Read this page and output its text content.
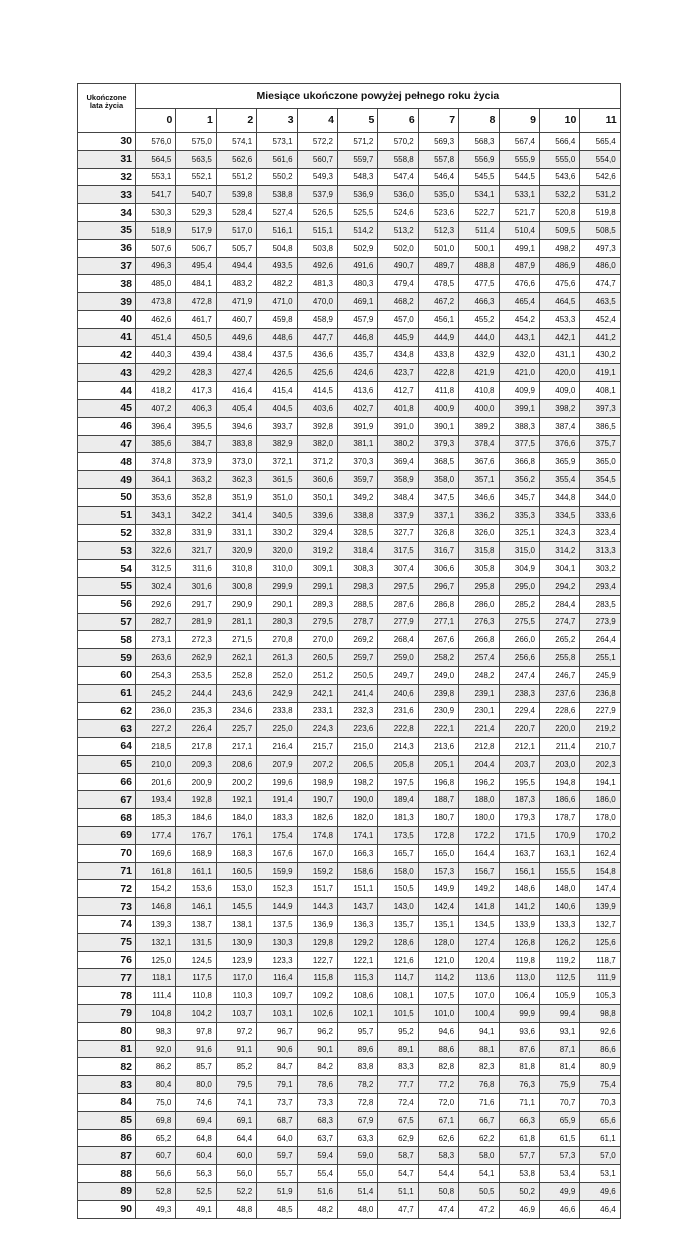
Ukończone
lata życia	Miesiące ukończone powyżej pełnego roku życia											
	0	1	2	3	4	5	6	7	8	9	10	11
30	576,0	575,0	574,1	573,1	572,2	571,2	570,2	569,3	568,3	567,4	566,4	565,4
31	564,5	563,5	562,6	561,6	560,7	559,7	558,8	557,8	556,9	555,9	555,0	554,0
32	553,1	552,1	551,2	550,2	549,3	548,3	547,4	546,4	545,5	544,5	543,6	542,6
33	541,7	540,7	539,8	538,8	537,9	536,9	536,0	535,0	534,1	533,1	532,2	531,2
34	530,3	529,3	528,4	527,4	526,5	525,5	524,6	523,6	522,7	521,7	520,8	519,8
35	518,9	517,9	517,0	516,1	515,1	514,2	513,2	512,3	511,4	510,4	509,5	508,5
36	507,6	506,7	505,7	504,8	503,8	502,9	502,0	501,0	500,1	499,1	498,2	497,3
37	496,3	495,4	494,4	493,5	492,6	491,6	490,7	489,7	488,8	487,9	486,9	486,0
38	485,0	484,1	483,2	482,2	481,3	480,3	479,4	478,5	477,5	476,6	475,6	474,7
39	473,8	472,8	471,9	471,0	470,0	469,1	468,2	467,2	466,3	465,4	464,5	463,5
40	462,6	461,7	460,7	459,8	458,9	457,9	457,0	456,1	455,2	454,2	453,3	452,4
41	451,4	450,5	449,6	448,6	447,7	446,8	445,9	444,9	444,0	443,1	442,1	441,2
42	440,3	439,4	438,4	437,5	436,6	435,7	434,8	433,8	432,9	432,0	431,1	430,2
43	429,2	428,3	427,4	426,5	425,6	424,6	423,7	422,8	421,9	421,0	420,0	419,1
44	418,2	417,3	416,4	415,4	414,5	413,6	412,7	411,8	410,8	409,9	409,0	408,1
45	407,2	406,3	405,4	404,5	403,6	402,7	401,8	400,9	400,0	399,1	398,2	397,3
46	396,4	395,5	394,6	393,7	392,8	391,9	391,0	390,1	389,2	388,3	387,4	386,5
47	385,6	384,7	383,8	382,9	382,0	381,1	380,2	379,3	378,4	377,5	376,6	375,7
48	374,8	373,9	373,0	372,1	371,2	370,3	369,4	368,5	367,6	366,8	365,9	365,0
49	364,1	363,2	362,3	361,5	360,6	359,7	358,9	358,0	357,1	356,2	355,4	354,5
50	353,6	352,8	351,9	351,0	350,1	349,2	348,4	347,5	346,6	345,7	344,8	344,0
51	343,1	342,2	341,4	340,5	339,6	338,8	337,9	337,1	336,2	335,3	334,5	333,6
52	332,8	331,9	331,1	330,2	329,4	328,5	327,7	326,8	326,0	325,1	324,3	323,4
53	322,6	321,7	320,9	320,0	319,2	318,4	317,5	316,7	315,8	315,0	314,2	313,3
54	312,5	311,6	310,8	310,0	309,1	308,3	307,4	306,6	305,8	304,9	304,1	303,2
55	302,4	301,6	300,8	299,9	299,1	298,3	297,5	296,7	295,8	295,0	294,2	293,4
56	292,6	291,7	290,9	290,1	289,3	288,5	287,6	286,8	286,0	285,2	284,4	283,5
57	282,7	281,9	281,1	280,3	279,5	278,7	277,9	277,1	276,3	275,5	274,7	273,9
58	273,1	272,3	271,5	270,8	270,0	269,2	268,4	267,6	266,8	266,0	265,2	264,4
59	263,6	262,9	262,1	261,3	260,5	259,7	259,0	258,2	257,4	256,6	255,8	255,1
60	254,3	253,5	252,8	252,0	251,2	250,5	249,7	249,0	248,2	247,4	246,7	245,9
61	245,2	244,4	243,6	242,9	242,1	241,4	240,6	239,8	239,1	238,3	237,6	236,8
62	236,0	235,3	234,6	233,8	233,1	232,3	231,6	230,9	230,1	229,4	228,6	227,9
63	227,2	226,4	225,7	225,0	224,3	223,6	222,8	222,1	221,4	220,7	220,0	219,2
64	218,5	217,8	217,1	216,4	215,7	215,0	214,3	213,6	212,8	212,1	211,4	210,7
65	210,0	209,3	208,6	207,9	207,2	206,5	205,8	205,1	204,4	203,7	203,0	202,3
66	201,6	200,9	200,2	199,6	198,9	198,2	197,5	196,8	196,2	195,5	194,8	194,1
67	193,4	192,8	192,1	191,4	190,7	190,0	189,4	188,7	188,0	187,3	186,6	186,0
68	185,3	184,6	184,0	183,3	182,6	182,0	181,3	180,7	180,0	179,3	178,7	178,0
69	177,4	176,7	176,1	175,4	174,8	174,1	173,5	172,8	172,2	171,5	170,9	170,2
70	169,6	168,9	168,3	167,6	167,0	166,3	165,7	165,0	164,4	163,7	163,1	162,4
71	161,8	161,1	160,5	159,9	159,2	158,6	158,0	157,3	156,7	156,1	155,5	154,8
72	154,2	153,6	153,0	152,3	151,7	151,1	150,5	149,9	149,2	148,6	148,0	147,4
73	146,8	146,1	145,5	144,9	144,3	143,7	143,0	142,4	141,8	141,2	140,6	139,9
74	139,3	138,7	138,1	137,5	136,9	136,3	135,7	135,1	134,5	133,9	133,3	132,7
75	132,1	131,5	130,9	130,3	129,8	129,2	128,6	128,0	127,4	126,8	126,2	125,6
76	125,0	124,5	123,9	123,3	122,7	122,1	121,6	121,0	120,4	119,8	119,2	118,7
77	118,1	117,5	117,0	116,4	115,8	115,3	114,7	114,2	113,6	113,0	112,5	111,9
78	111,4	110,8	110,3	109,7	109,2	108,6	108,1	107,5	107,0	106,4	105,9	105,3
79	104,8	104,2	103,7	103,1	102,6	102,1	101,5	101,0	100,4	99,9	99,4	98,8
80	98,3	97,8	97,2	96,7	96,2	95,7	95,2	94,6	94,1	93,6	93,1	92,6
81	92,0	91,6	91,1	90,6	90,1	89,6	89,1	88,6	88,1	87,6	87,1	86,6
82	86,2	85,7	85,2	84,7	84,2	83,8	83,3	82,8	82,3	81,8	81,4	80,9
83	80,4	80,0	79,5	79,1	78,6	78,2	77,7	77,2	76,8	76,3	75,9	75,4
84	75,0	74,6	74,1	73,7	73,3	72,8	72,4	72,0	71,6	71,1	70,7	70,3
85	69,8	69,4	69,1	68,7	68,3	67,9	67,5	67,1	66,7	66,3	65,9	65,6
86	65,2	64,8	64,4	64,0	63,7	63,3	62,9	62,6	62,2	61,8	61,5	61,1
87	60,7	60,4	60,0	59,7	59,4	59,0	58,7	58,3	58,0	57,7	57,3	57,0
88	56,6	56,3	56,0	55,7	55,4	55,0	54,7	54,4	54,1	53,8	53,4	53,1
89	52,8	52,5	52,2	51,9	51,6	51,4	51,1	50,8	50,5	50,2	49,9	49,6
90	49,3	49,1	48,8	48,5	48,2	48,0	47,7	47,4	47,2	46,9	46,6	46,4
